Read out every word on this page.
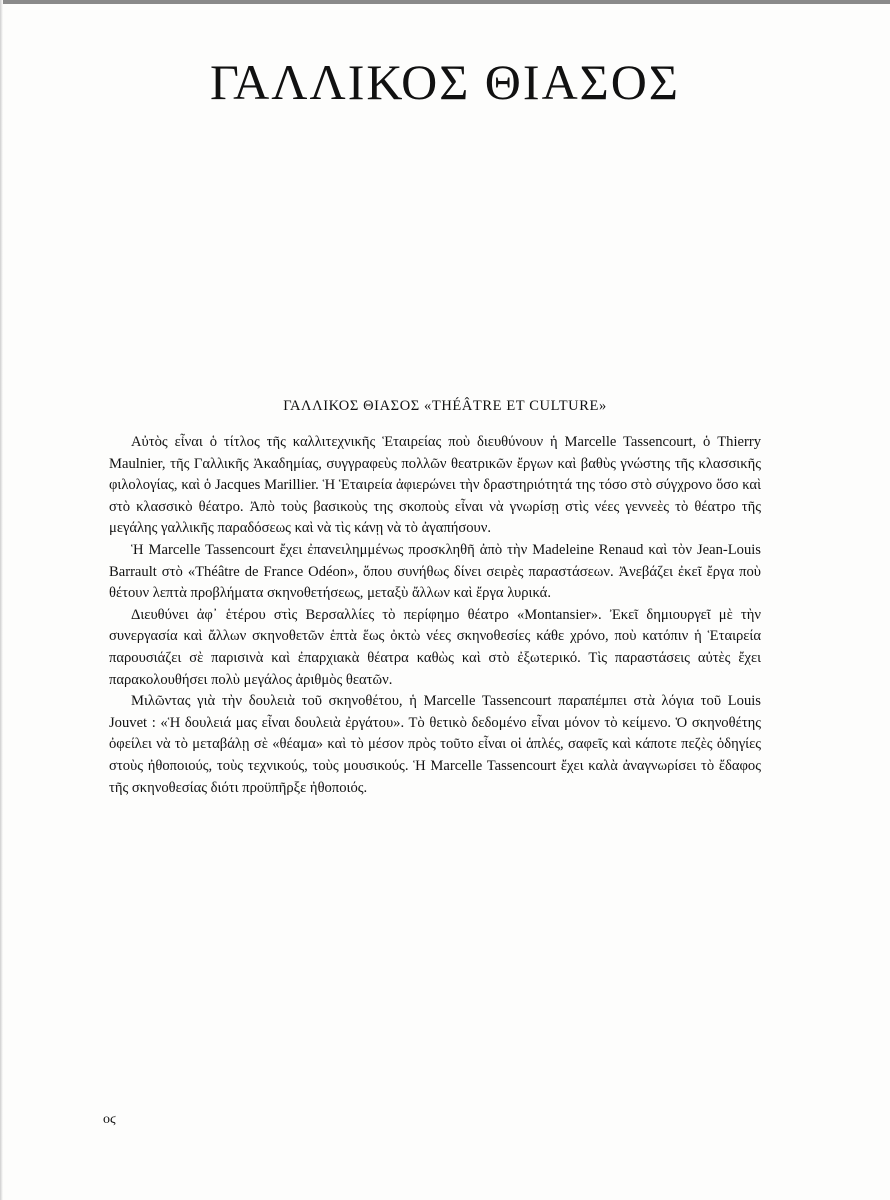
ΓΑΛΛΙΚΟΣ ΘΙΑΣΟΣ
ΓΑΛΛΙΚΟΣ ΘΙΑΣΟΣ «THÉÂTRE ET CULTURE»

Αὐτὸς εἶναι ὁ τίτλος τῆς καλλιτεχνικῆς Ἑταιρείας ποὺ διευθύνουν ἡ Marcelle Tassencourt, ὁ Thierry Maulnier, τῆς Γαλλικῆς Ἀκαδημίας, συγγραφεὺς πολλῶν θεατρικῶν ἔργων καὶ βαθὺς γνώστης τῆς κλασσικῆς φιλολογίας, καὶ ὁ Jacques Marillier. Ἡ Ἑταιρεία ἀφιερώνει τὴν δραστηριότητά της τόσο στὸ σύγχρονο ὅσο καὶ στὸ κλασσικὸ θέατρο. Ἀπὸ τοὺς βασικοὺς της σκοποὺς εἶναι νὰ γνωρίσῃ στὶς νέες γεννεὲς τὸ θέατρο τῆς μεγάλης γαλλικῆς παραδόσεως καὶ νὰ τὶς κάνῃ νὰ τὸ ἀγαπήσουν.

Ἡ Marcelle Tassencourt ἔχει ἐπανειλημμένως προσκληθῆ ἀπὸ τὴν Madeleine Renaud καὶ τὸν Jean-Louis Barrault στὸ «Théâtre de France Odéon», ὅπου συνήθως δίνει σειρὲς παραστάσεων. Ἀνεβάζει ἐκεῖ ἔργα ποὺ θέτουν λεπτὰ προβλήματα σκηνοθετήσεως, μεταξὺ ἄλλων καὶ ἔργα λυρικά.

Διευθύνει ἀφ᾽ ἑτέρου στὶς Βερσαλλίες τὸ περίφημο θέατρο «Montansier». Ἐκεῖ δημιουργεῖ μὲ τὴν συνεργασία καὶ ἄλλων σκηνοθετῶν ἑπτὰ ἕως ὀκτὼ νέες σκηνοθεσίες κάθε χρόνο, ποὺ κατόπιν ἡ Ἑταιρεία παρουσιάζει σὲ παρισινὰ καὶ ἐπαρχιακὰ θέατρα καθὼς καὶ στὸ ἐξωτερικό. Τὶς παραστάσεις αὐτὲς ἔχει παρακολουθήσει πολὺ μεγάλος ἀριθμὸς θεατῶν.

Μιλῶντας γιὰ τὴν δουλειὰ τοῦ σκηνοθέτου, ἡ Marcelle Tassencourt παραπέμπει στὰ λόγια τοῦ Louis Jouvet : «Ἡ δουλειά μας εἶναι δουλειὰ ἐργάτου». Τὸ θετικὸ δεδομένο εἶναι μόνον τὸ κείμενο. Ὁ σκηνοθέτης ὀφείλει νὰ τὸ μεταβάλῃ σὲ «θέαμα» καὶ τὸ μέσον πρὸς τοῦτο εἶναι οἱ ἁπλές, σαφεῖς καὶ κάποτε πεζὲς ὁδηγίες στοὺς ἠθοποιούς, τοὺς τεχνικούς, τοὺς μουσικούς. Ἡ Marcelle Tassencourt ἔχει καλὰ ἀναγνωρίσει τὸ ἔδαφος τῆς σκηνοθεσίας διότι προϋπῆρξε ἠθοποιός.

οϛ
